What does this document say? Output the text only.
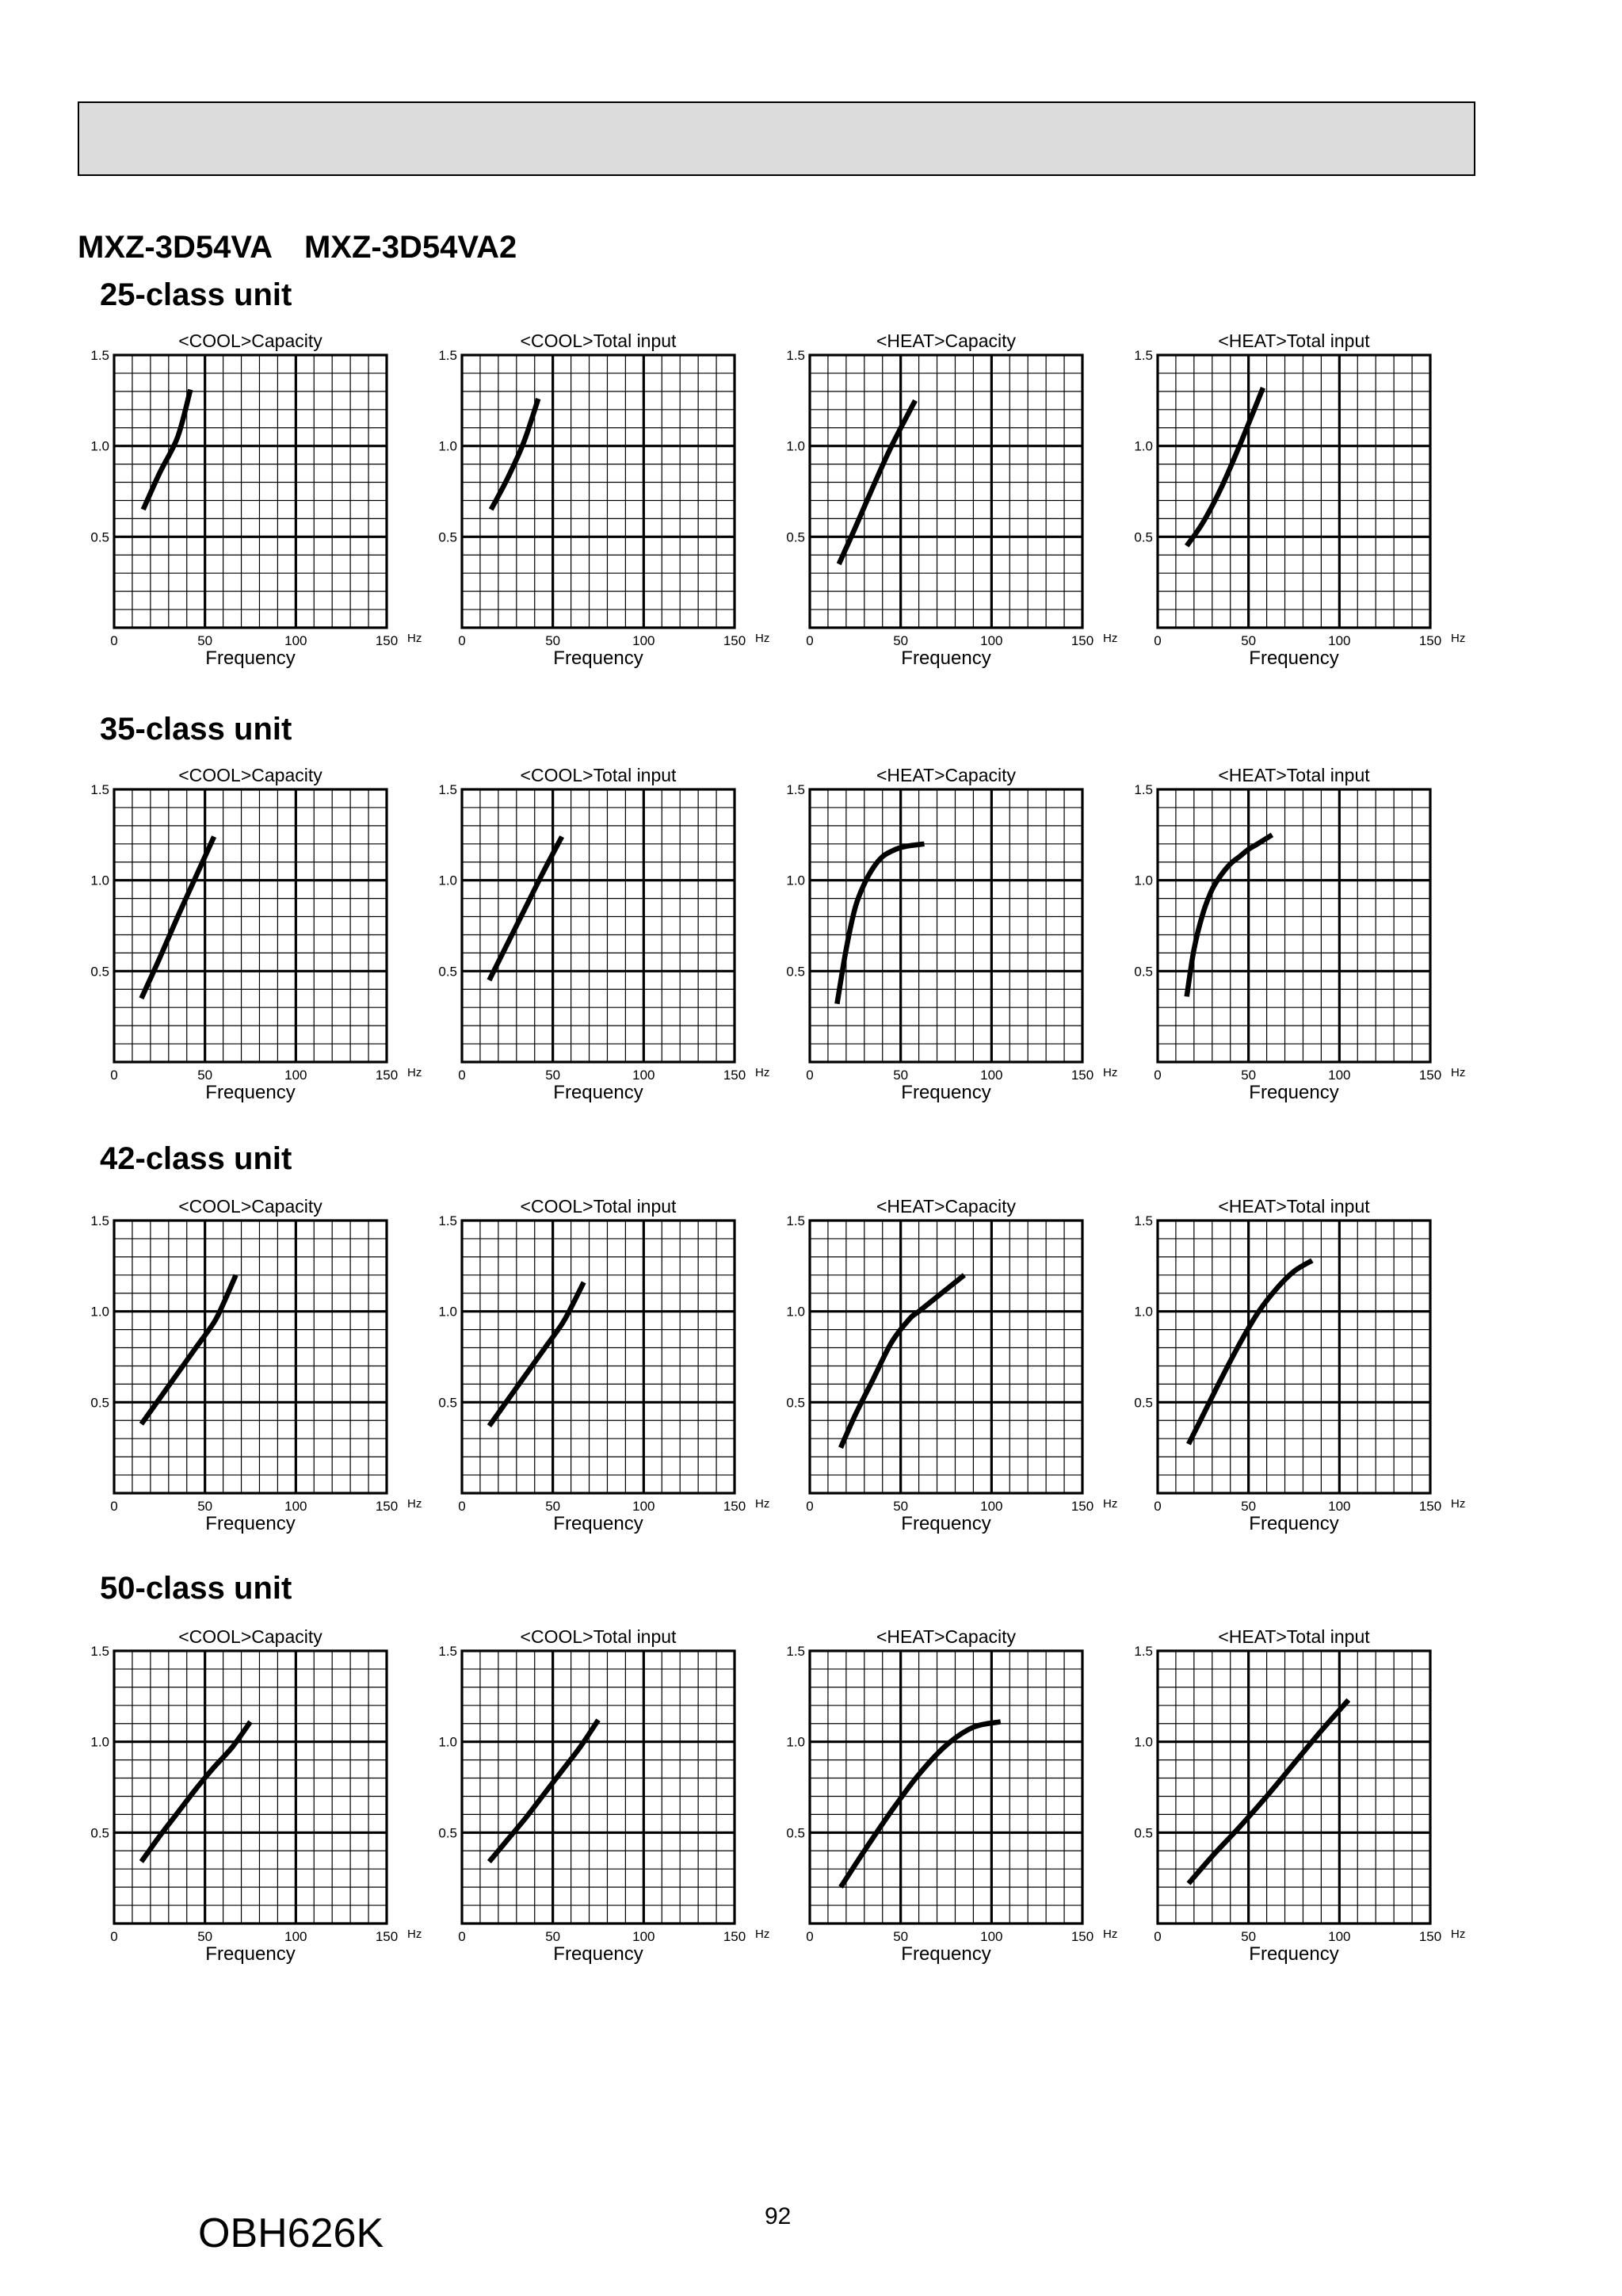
MXZ-3D54VA MXZ-3D54VA2
25-class unit
35-class unit
42-class unit
50-class unit
<COOL>Capacity
0.5
1.0
1.5
0	50	100	150 Hz
Frequency
<COOL>Total input
0.5
1.0
1.5
0	50	100	150 Hz
Frequency
<HEAT>Capacity
0.5
1.0
1.5
0	50	100	150 Hz
Frequency
<HEAT>Total input
0.5
1.0
1.5
0	50	100	150 Hz
Frequency
<COOL>Capacity
0.5
1.0
1.5
0	50	100	150 Hz
Frequency
<COOL>Total input
0.5
1.0
1.5
0	50	100	150 Hz
Frequency
<HEAT>Capacity
0.5
1.0
1.5
0	50	100	150 Hz
Frequency
<HEAT>Total input
0.5
1.0
1.5
0	50	100	150 Hz
Frequency
<COOL>Capacity
0.5
1.0
1.5
0	50	100	150 Hz
Frequency
<COOL>Total input
0.5
1.0
1.5
0	50	100	150 Hz
Frequency
<HEAT>Capacity
0.5
1.0
1.5
0	50	100	150 Hz
Frequency
<HEAT>Total input
0.5
1.0
1.5
0	50	100	150 Hz
Frequency
<COOL>Capacity
0.5
1.0
1.5
0	50	100	150 Hz
Frequency
<COOL>Total input
0.5
1.0
1.5
0	50	100	150 Hz
Frequency
<HEAT>Capacity
0.5
1.0
1.5
0	50	100	150 Hz
Frequency
<HEAT>Total input
0.5
1.0
1.5
0	50	100	150 Hz
Frequency
OBH626K	92
